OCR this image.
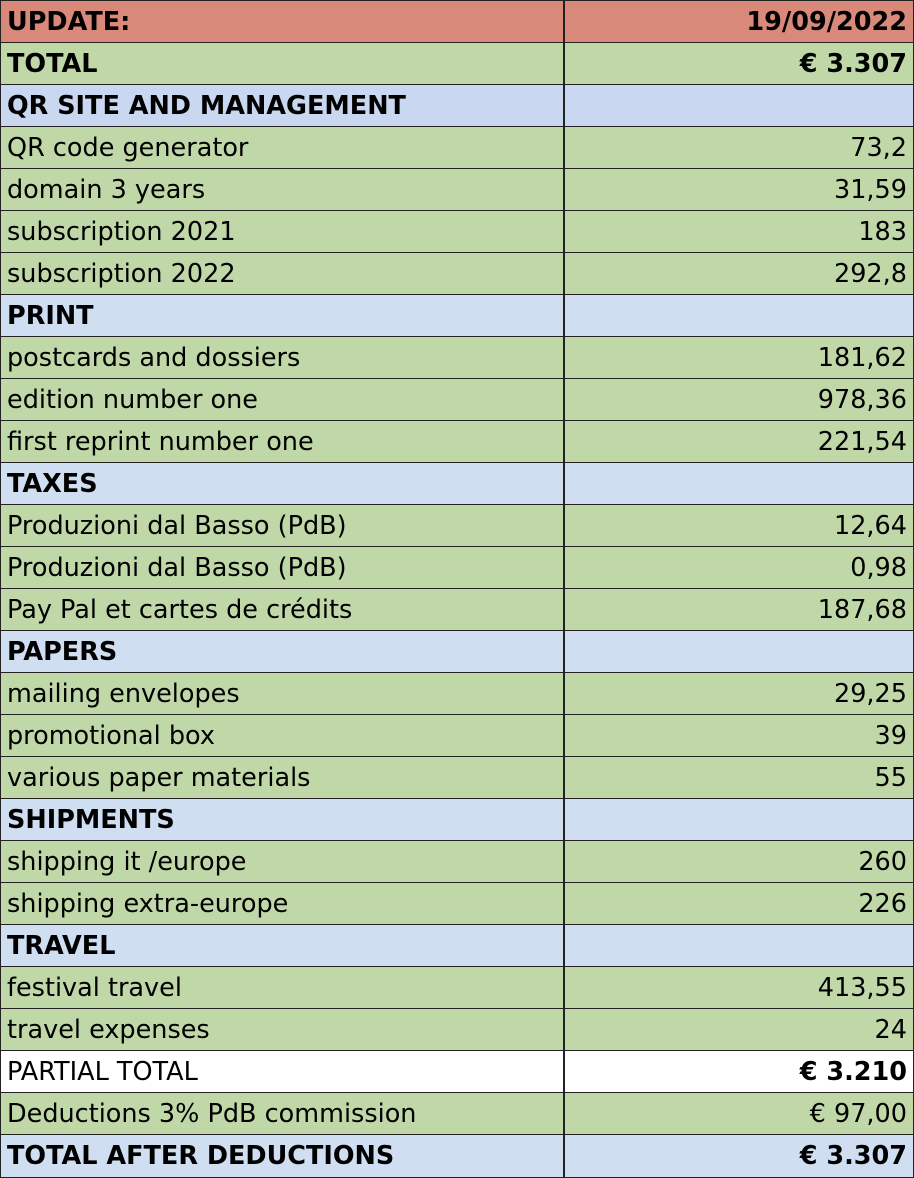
UPDATE:	19/09/2022
TOTAL	€ 3.307
QR SITE AND MANAGEMENT
QR code generator	73,2
domain 3 years	31,59
subscription 2021	183
subscription 2022	292,8
PRINT
postcards and dossiers	181,62
edition number one	978,36
first reprint number one	221,54
TAXES
Produzioni dal Basso (PdB)	12,64
Produzioni dal Basso (PdB)	0,98
Pay Pal et cartes de crédits	187,68
PAPERS
mailing envelopes	29,25
promotional box	39
various paper materials	55
SHIPMENTS
shipping it /europe	260
shipping extra-europe	226
TRAVEL
festival travel	413,55
travel expenses	24
PARTIAL TOTAL	€ 3.210
Deductions 3% PdB commission	€ 97,00
TOTAL AFTER DEDUCTIONS	€ 3.307
